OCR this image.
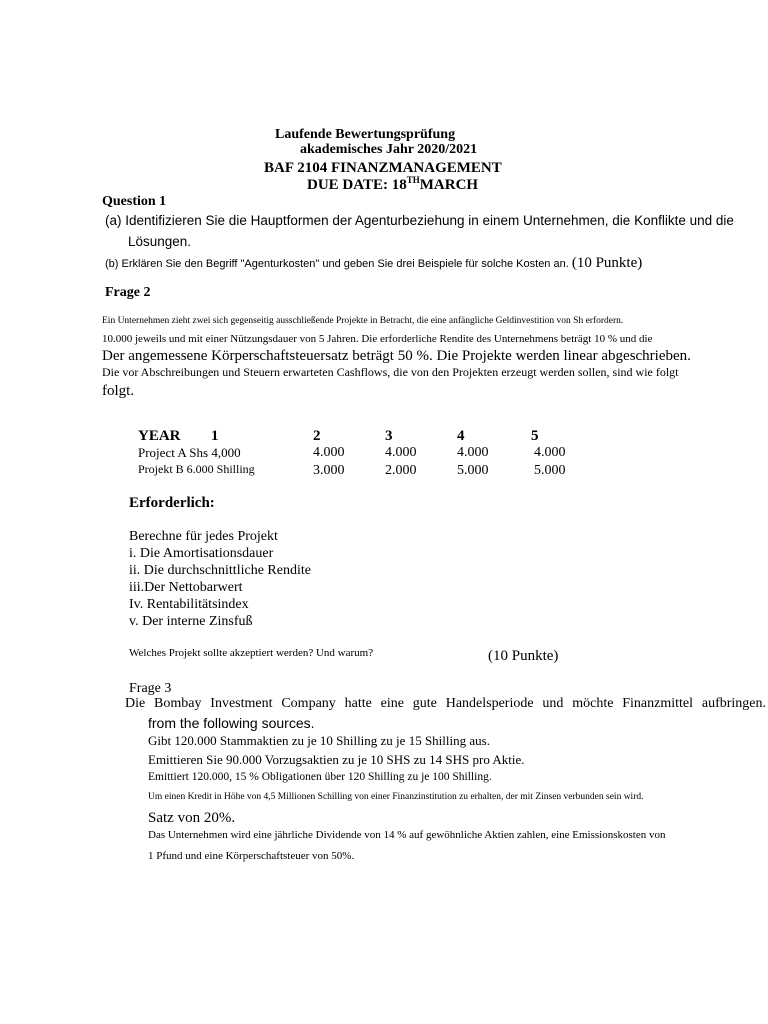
Laufende Bewertungsprüfung
akademisches Jahr 2020/2021
BAF 2104 FINANZMANAGEMENT
DUE DATE: 18THMARCH
Question 1
(a) Identifizieren Sie die Hauptformen der Agenturbeziehung in einem Unternehmen, die Konflikte und die
Lösungen.
(b) Erklären Sie den Begriff "Agenturkosten" und geben Sie drei Beispiele für solche Kosten an. (10 Punkte)
Frage 2
Ein Unternehmen zieht zwei sich gegenseitig ausschließende Projekte in Betracht, die eine anfängliche Geldinvestition von Sh erfordern.
10.000 jeweils und mit einer Nützungsdauer von 5 Jahren. Die erforderliche Rendite des Unternehmens beträgt 10 % und die
Der angemessene Körperschaftsteuersatz beträgt 50 %. Die Projekte werden linear abgeschrieben.
Die vor Abschreibungen und Steuern erwarteten Cashflows, die von den Projekten erzeugt werden sollen, sind wie folgt
folgt.
YEAR 1	2	3	4	5
Project A Shs 4,000	4.000	4.000	4.000	4.000
Projekt B 6.000 Shilling	3.000	2.000	5.000	5.000
Erforderlich:
Berechne für jedes Projekt
i. Die Amortisationsdauer
ii. Die durchschnittliche Rendite
iii.Der Nettobarwert
Iv. Rentabilitätsindex
v. Der interne Zinsfuß
Welches Projekt sollte akzeptiert werden? Und warum?	(10 Punkte)
Frage 3
Die Bombay Investment Company hatte eine gute Handelsperiode und möchte Finanzmittel aufbringen.
from the following sources.
Gibt 120.000 Stammaktien zu je 10 Shilling zu je 15 Shilling aus.
Emittieren Sie 90.000 Vorzugsaktien zu je 10 SHS zu 14 SHS pro Aktie.
Emittiert 120.000, 15 % Obligationen über 120 Shilling zu je 100 Shilling.
Um einen Kredit in Höhe von 4,5 Millionen Schilling von einer Finanzinstitution zu erhalten, der mit Zinsen verbunden sein wird.
Satz von 20%.
Das Unternehmen wird eine jährliche Dividende von 14 % auf gewöhnliche Aktien zahlen, eine Emissionskosten von
1 Pfund und eine Körperschaftsteuer von 50%.
